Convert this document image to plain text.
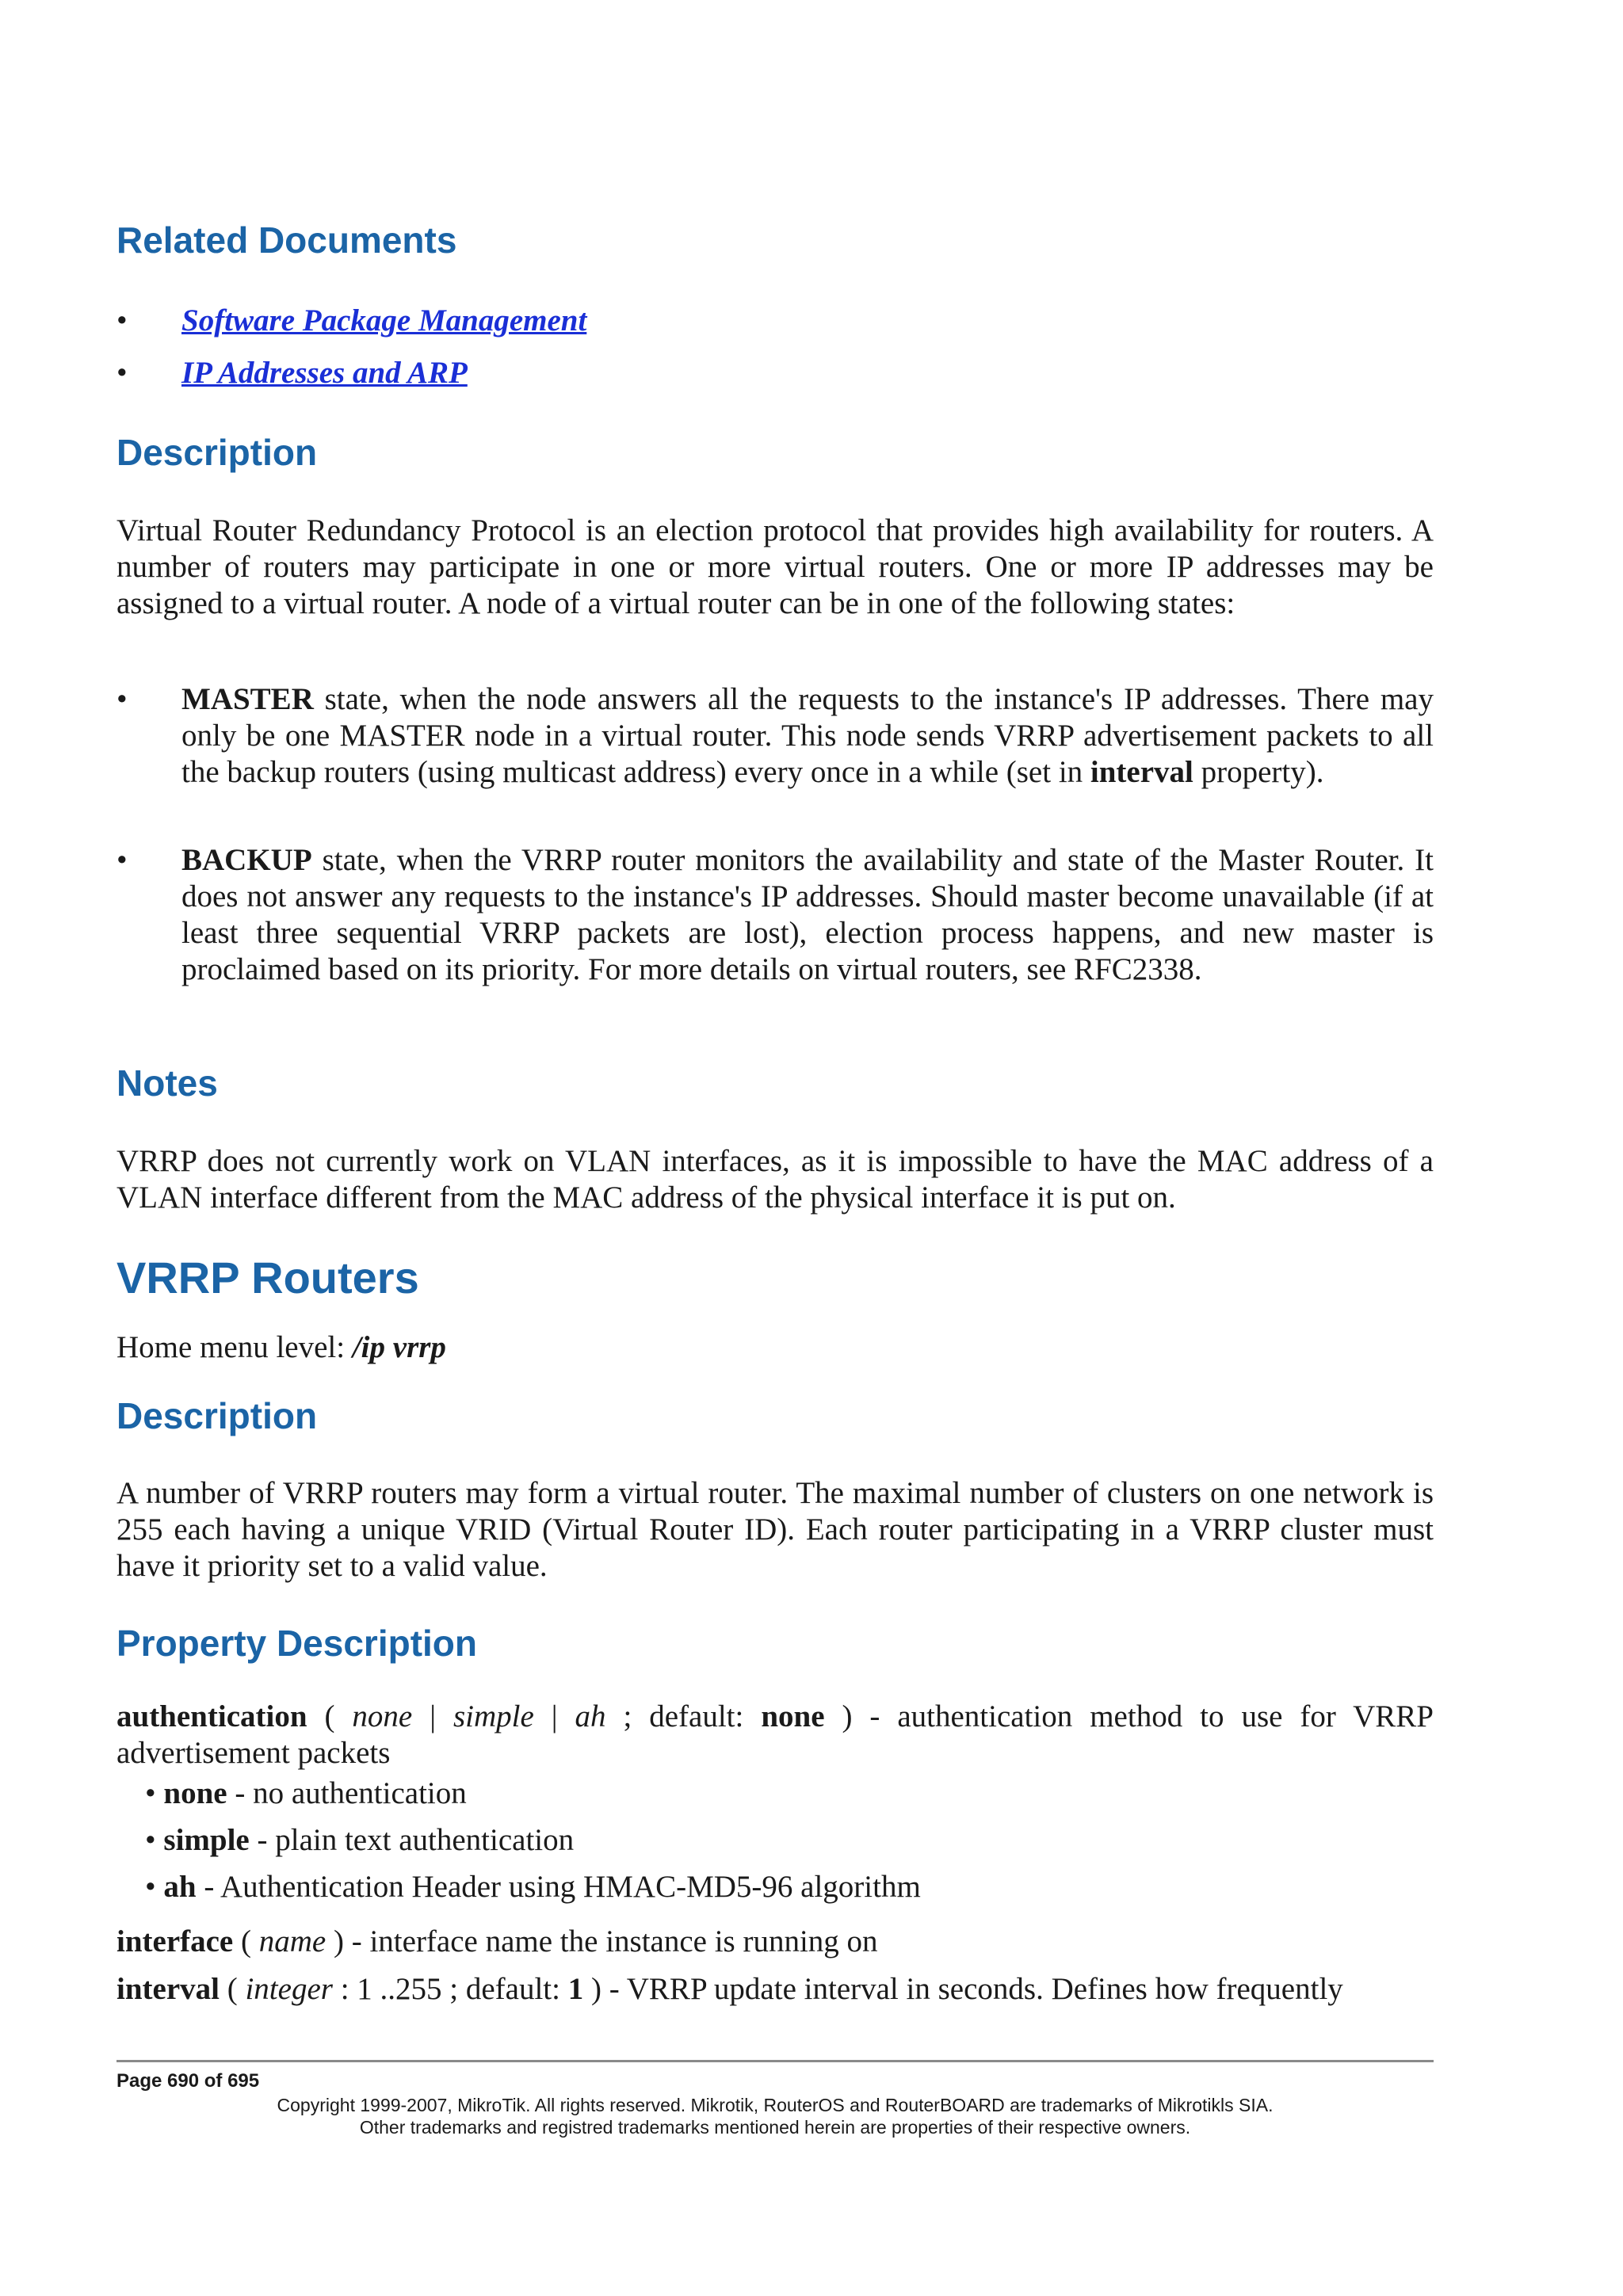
Related Documents
• Software Package Management
• IP Addresses and ARP
Description

Virtual Router Redundancy Protocol is an election protocol that provides high availability for routers. A number of routers may participate in one or more virtual routers. One or more IP addresses may be assigned to a virtual router. A node of a virtual router can be in one of the following states:

• MASTER state, when the node answers all the requests to the instance's IP addresses. There may only be one MASTER node in a virtual router. This node sends VRRP advertisement packets to all the backup routers (using multicast address) every once in a while (set in interval property).
• BACKUP state, when the VRRP router monitors the availability and state of the Master Router. It does not answer any requests to the instance's IP addresses. Should master become unavailable (if at least three sequential VRRP packets are lost), election process happens, and new master is proclaimed based on its priority. For more details on virtual routers, see RFC2338.
Notes

VRRP does not currently work on VLAN interfaces, as it is impossible to have the MAC address of a VLAN interface different from the MAC address of the physical interface it is put on.

VRRP Routers

Home menu level: /ip vrrp

Description

A number of VRRP routers may form a virtual router. The maximal number of clusters on one network is 255 each having a unique VRID (Virtual Router ID). Each router participating in a VRRP cluster must have it priority set to a valid value.

Property Description

authentication ( none | simple | ah ; default: none ) - authentication method to use for VRRP advertisement packets

• none - no authentication
• simple - plain text authentication
• ah - Authentication Header using HMAC-MD5-96 algorithm

interface ( name ) - interface name the instance is running on

interval ( integer : 1 ..255 ; default: 1 ) - VRRP update interval in seconds. Defines how frequently

Page 690 of 695
Copyright 1999-2007, MikroTik. All rights reserved. Mikrotik, RouterOS and RouterBOARD are trademarks of Mikrotikls SIA.
Other trademarks and registred trademarks mentioned herein are properties of their respective owners.
